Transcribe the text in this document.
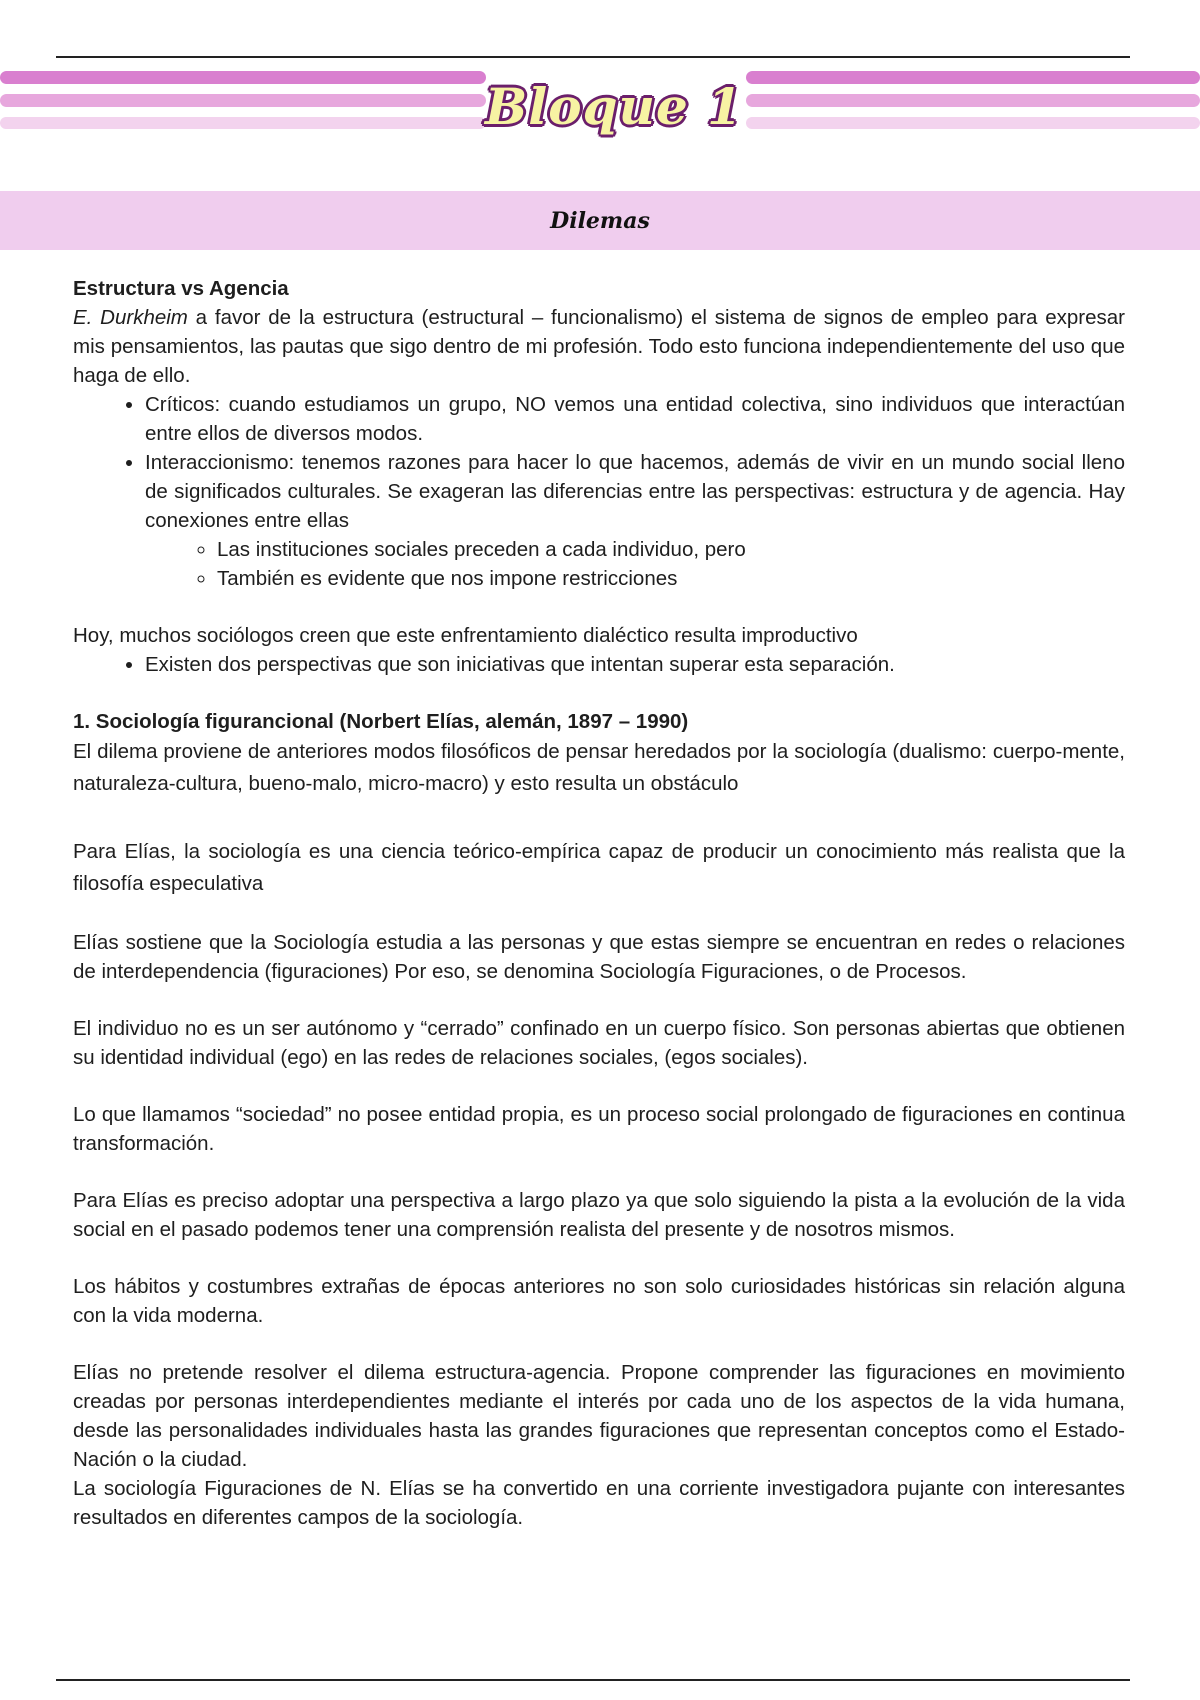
Bloque 1
Dilemas

Estructura vs Agencia

E. Durkheim a favor de la estructura (estructural – funcionalismo) el sistema de signos de empleo para expresar mis pensamientos, las pautas que sigo dentro de mi profesión. Todo esto funciona independientemente del uso que haga de ello.

• Críticos: cuando estudiamos un grupo, NO vemos una entidad colectiva, sino individuos que interactúan entre ellos de diversos modos.
• Interaccionismo: tenemos razones para hacer lo que hacemos, además de vivir en un mundo social lleno de significados culturales. Se exageran las diferencias entre las perspectivas: estructura y de agencia. Hay conexiones entre ellas
◦ Las instituciones sociales preceden a cada individuo, pero
◦ También es evidente que nos impone restricciones

Hoy, muchos sociólogos creen que este enfrentamiento dialéctico resulta improductivo

• Existen dos perspectivas que son iniciativas que intentan superar esta separación.

1. Sociología figurancional (Norbert Elías, alemán, 1897 – 1990)

El dilema proviene de anteriores modos filosóficos de pensar heredados por la sociología (dualismo: cuerpo-mente, naturaleza-cultura, bueno-malo, micro-macro) y esto resulta un obstáculo

Para Elías, la sociología es una ciencia teórico-empírica capaz de producir un conocimiento más realista que la filosofía especulativa

Elías sostiene que la Sociología estudia a las personas y que estas siempre se encuentran en redes o relaciones de interdependencia (figuraciones) Por eso, se denomina Sociología Figuraciones, o de Procesos.

El individuo no es un ser autónomo y “cerrado” confinado en un cuerpo físico. Son personas abiertas que obtienen su identidad individual (ego) en las redes de relaciones sociales, (egos sociales).

Lo que llamamos “sociedad” no posee entidad propia, es un proceso social prolongado de figuraciones en continua transformación.

Para Elías es preciso adoptar una perspectiva a largo plazo ya que solo siguiendo la pista a la evolución de la vida social en el pasado podemos tener una comprensión realista del presente y de nosotros mismos.

Los hábitos y costumbres extrañas de épocas anteriores no son solo curiosidades históricas sin relación alguna con la vida moderna.

Elías no pretende resolver el dilema estructura-agencia. Propone comprender las figuraciones en movimiento creadas por personas interdependientes mediante el interés por cada uno de los aspectos de la vida humana, desde las personalidades individuales hasta las grandes figuraciones que representan conceptos como el Estado-Nación o la ciudad.

La sociología Figuraciones de N. Elías se ha convertido en una corriente investigadora pujante con interesantes resultados en diferentes campos de la sociología.
